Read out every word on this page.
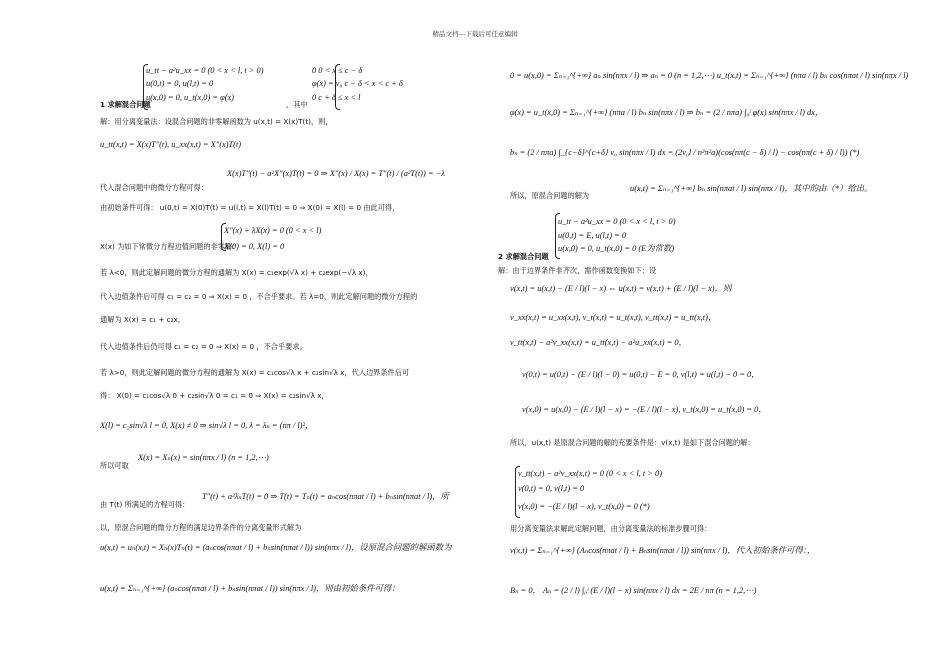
精品文档---下载后可任意编辑
u_tt − a²u_xx = 0 (0 < x < l, t > 0)
u(0,t) = 0, u(l,t) = 0
u(x,0) = 0, u_t(x,0) = φ(x)
1 求解混合问题	，其中
0 0 < x ≤ c − δ
φ(x) = v₀ c − δ < x < c + δ
0 c + δ ≤ x < l
解：用分离变量法：设混合问题的非零解函数为 u(x,t) = X(x)T(t)，则，
u_tt(x,t) = X(x)T″(t), u_xx(x,t) = X″(x)T(t)
X(x)T″(t) − a²X″(x)T(t) = 0 ⇒ X″(x) / X(x) = T″(t) / (a²T(t)) = −λ
代入混合问题中的微分方程可得：
由初始条件可得： u(0,t) = X(0)T(t) = u(l,t) = X(l)T(t) = 0 ⇒ X(0) = X(l) = 0 由此可得，
X″(x) + λX(x) = 0 (0 < x < l)
X(x) 为如下常微分方程边值问题的非零解：
X(0) = 0, X(l) = 0
若 λ<0，则此定解问题的微分方程的通解为 X(x) = c₁exp(√λ x) + c₂exp(−√λ x)，
代入边值条件后可得 c₁ = c₂ = 0 ⇒ X(x) = 0 ，不合乎要求。若 λ=0，则此定解问题的微分方程的
通解为 X(x) = c₁ + c₂x，
代入边值条件后仍可得 c₁ = c₂ = 0 ⇒ X(x) = 0 ，不合乎要求。
若 λ>0，则此定解问题的微分方程的通解为 X(x) = c₁cos√λ x + c₂sin√λ x，代入边界条件后可
得： X(0) = c₁cos√λ 0 + c₂sin√λ 0 = c₁ = 0 ⇒ X(x) = c₂sin√λ x，
X(l) = c₂sin√λ l = 0, X(x) ≠ 0 ⇒ sin√λ l = 0, λ = λₙ = (nπ / l)²，
所以可取
X(x) = Xₙ(x) = sin(nπx / l) (n = 1,2,⋯)
由 T(t) 所满足的方程可得：
T″(t) + a²λₙT(t) = 0 ⇒ T(t) = Tₙ(t) = aₙcos(nπat / l) + bₙsin(nπat / l)，所
以，原混合问题的微分方程的满足边界条件的分离变量形式解为
u(x,t) = uₙ(x,t) = Xₙ(x)Tₙ(t) = (aₙcos(nπat / l) + bₙsin(nπat / l)) sin(nπx / l)，设原混合问题的解函数为
u(x,t) = Σₙ₌₁^{+∞} (aₙcos(nπat / l) + bₙsin(nπat / l)) sin(nπx / l)，则由初始条件可得：
0 = u(x,0) = Σₙ₌₁^{+∞} aₙ sin(nπx / l) ⇒ aₙ = 0 (n = 1,2,⋯) u_t(x,t) = Σₙ₌₁^{+∞} (nπa / l) bₙ cos(nπat / l) sin(nπx / l)
φ(x) = u_t(x,0) = Σₙ₌₁^{+∞} (nπa / l) bₙ sin(nπx / l) ⇒ bₙ = (2 / nπa) ∫₀ˡ φ(x) sin(nπx / l) dx，
bₙ = (2 / nπa) ∫_{c−δ}^{c+δ} v₀ sin(nπx / l) dx = (2v₀l / n²π²a)(cos(nπ(c − δ) / l) − cos(nπ(c + δ) / l)) (*)
所以，原混合问题的解为
u(x,t) = Σₙ₌₁^{+∞} bₙ sin(nπat / l) sin(nπx / l)，其中的由（*）给出。
u_tt − a²u_xx = 0 (0 < x < l, t > 0)
u(0,t) = E, u(l,t) = 0
u(x,0) = 0, u_t(x,0) = 0 (E为常数)
2 求解混合问题
解：由于边界条件非齐次，需作函数变换如下：设
v(x,t) = u(x,t) − (E / l)(l − x) ⇔ u(x,t) = v(x,t) + (E / l)(l − x)，则
v_xx(x,t) = u_xx(x,t), v_t(x,t) = u_t(x,t), v_tt(x,t) = u_tt(x,t)，
v_tt(x,t) − a²v_xx(x,t) = u_tt(x,t) − a²u_xx(x,t) = 0，
v(0,t) = u(0,t) − (E / l)(l − 0) = u(0,t) − E = 0, v(l,t) = u(l,t) − 0 = 0，
v(x,0) = u(x,0) − (E / l)(l − x) = −(E / l)(l − x), v_t(x,0) = u_t(x,0) = 0，
所以，u(x,t) 是原混合问题的解的充要条件是：v(x,t) 是如下混合问题的解：
v_tt(x,t) − a²v_xx(x,t) = 0 (0 < x < l, t > 0)
v(0,t) = 0, v(l,t) = 0
v(x,0) = −(E / l)(l − x), v_t(x,0) = 0 (*)
用分离变量法求解此定解问题，由分离变量法的标准步骤可得：
v(x,t) = Σₙ₌₁^{+∞} (Aₙcos(nπat / l) + Bₙsin(nπat / l)) sin(nπx / l)，代入初始条件可得：，
Bₙ = 0， Aₙ = (2 / l) ∫₀ˡ (E / l)(l − x) sin(nπx / l) dx = 2E / nπ (n = 1,2,⋯)
